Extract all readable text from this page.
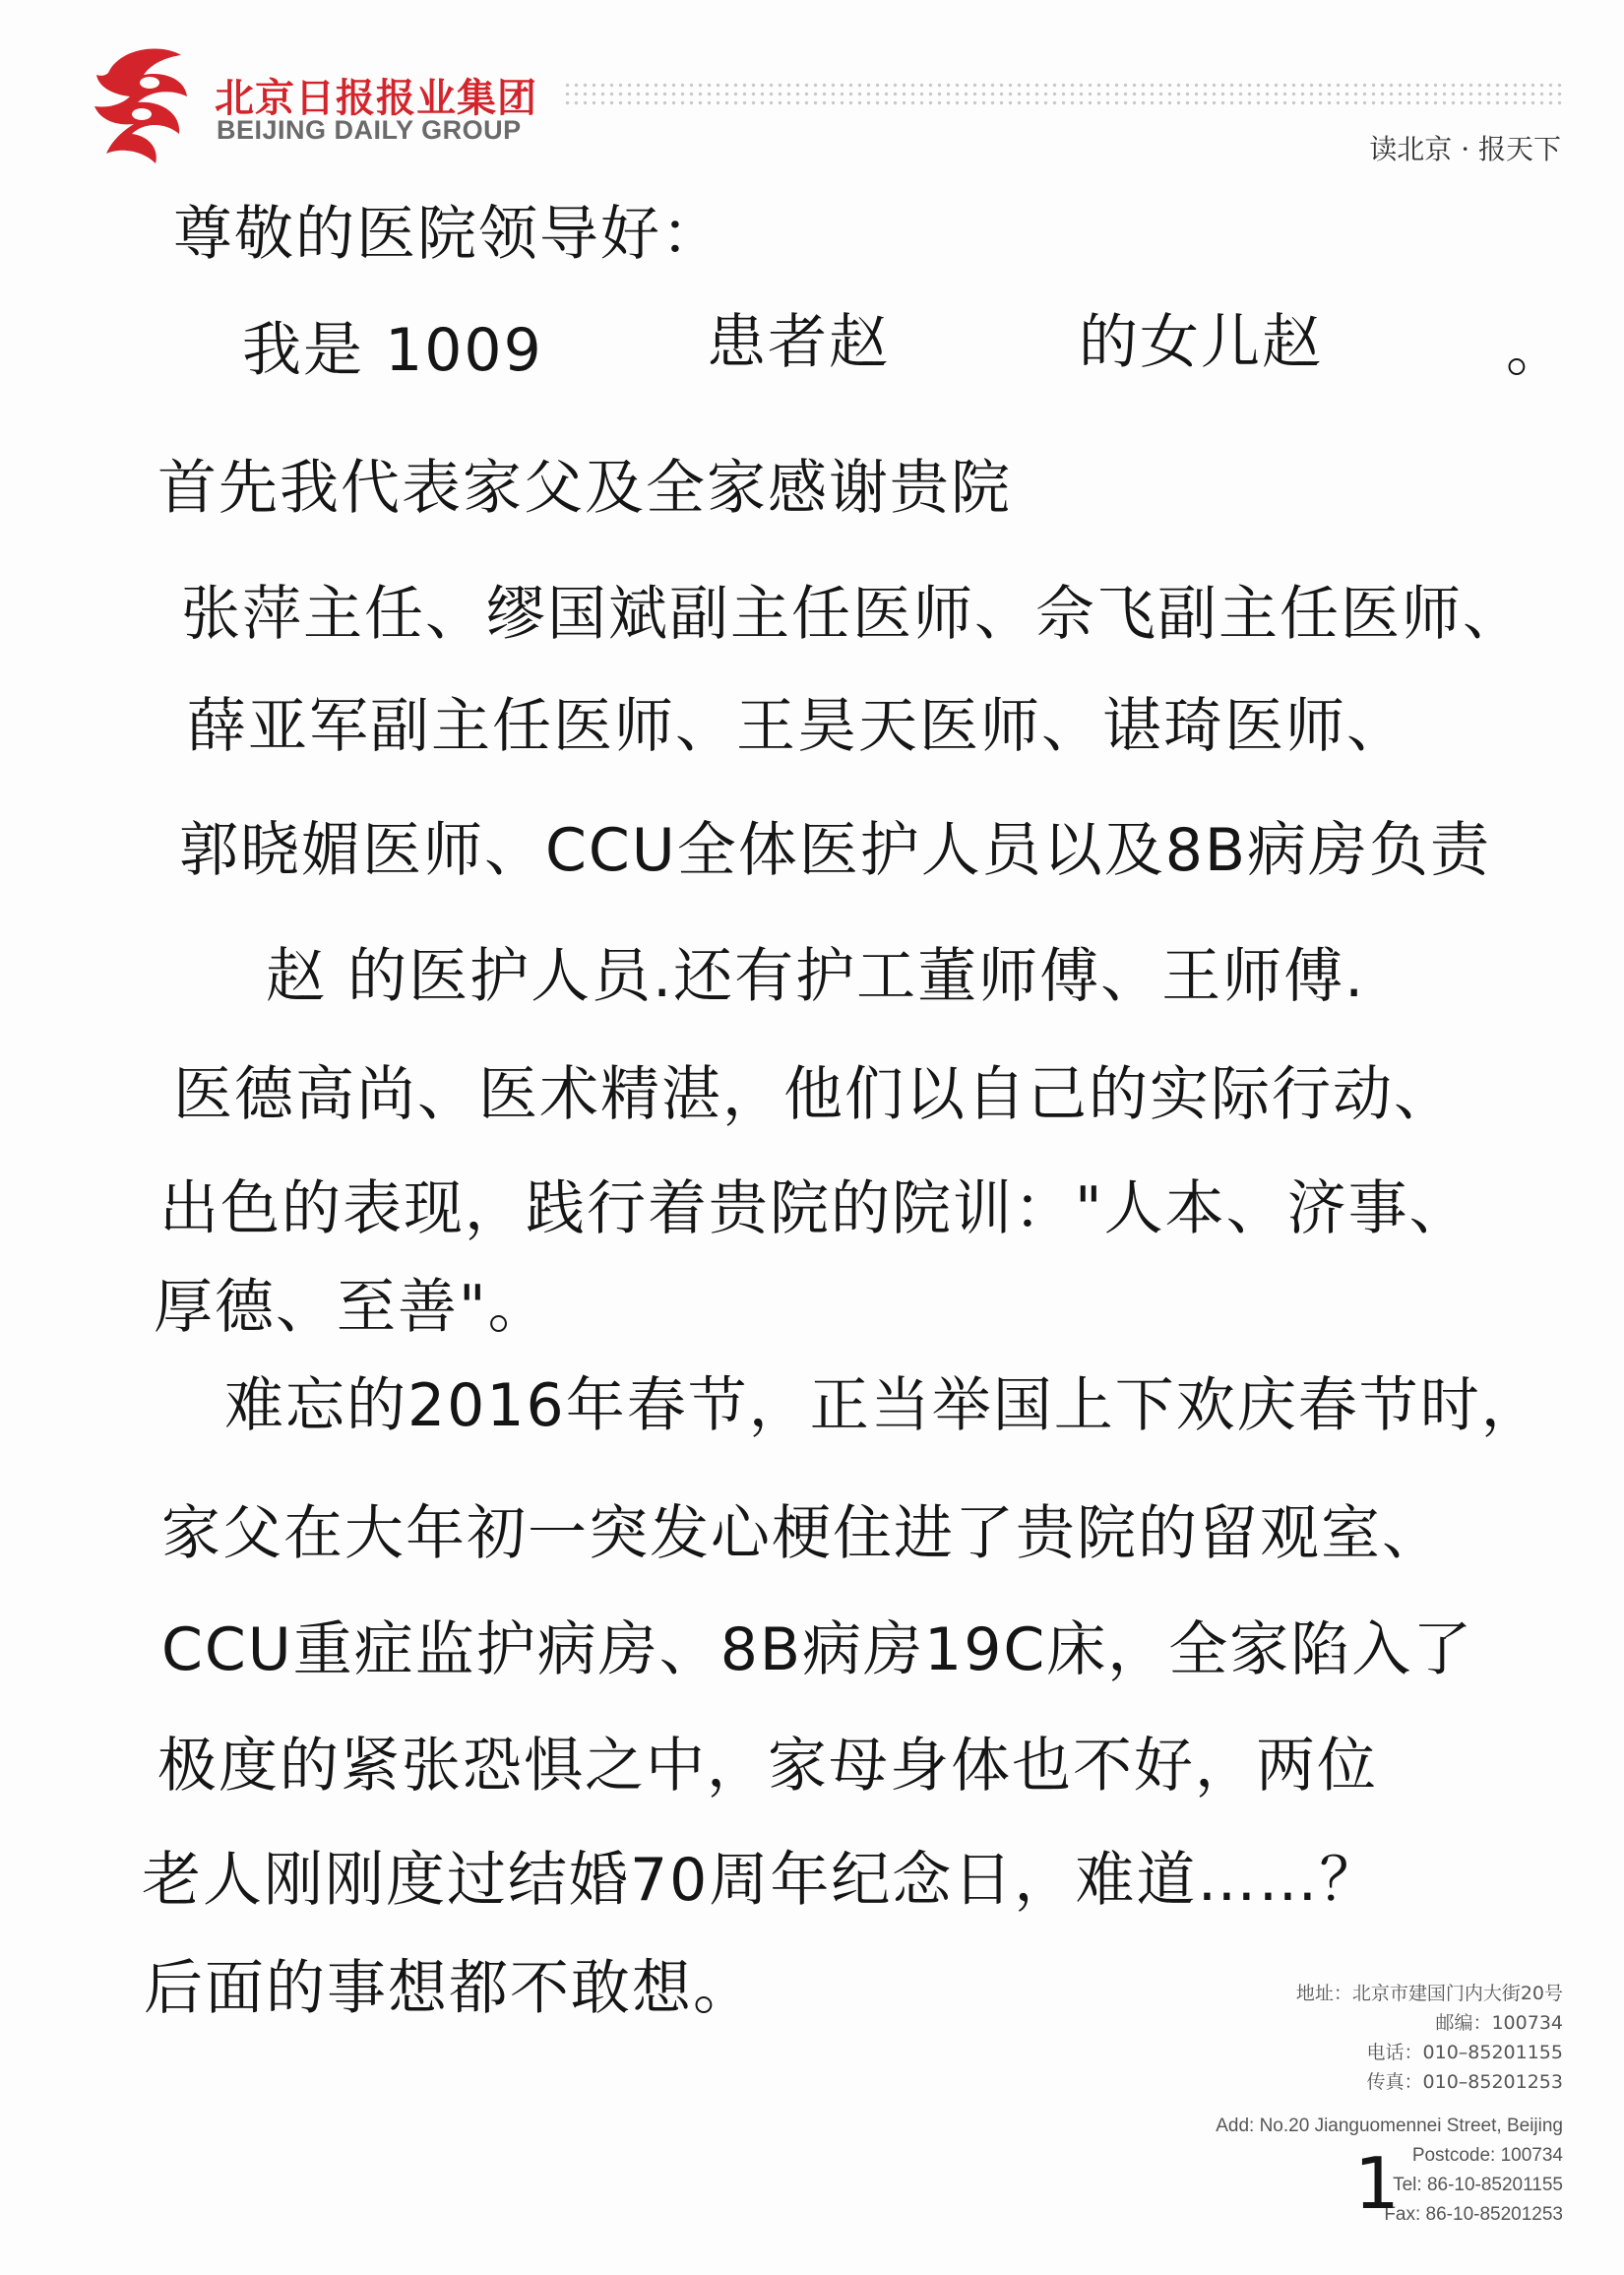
北京日报报业集团
BEIJING DAILY GROUP
读北京 · 报天下
尊敬的医院领导好：
我是 1009	患者赵	的女儿赵	。
首先我代表家父及全家感谢贵院
张萍主任、缪国斌副主任医师、佘飞副主任医师、
薛亚军副主任医师、王昊天医师、谌琦医师、
郭晓媚医师、CCU全体医护人员以及8B病房负责
赵 的医护人员.还有护工董师傅、王师傅.
医德高尚、医术精湛，他们以自己的实际行动、
出色的表现，践行着贵院的院训："人本、济事、
厚德、至善"。
难忘的2016年春节，正当举国上下欢庆春节时，
家父在大年初一突发心梗住进了贵院的留观室、
CCU重症监护病房、8B病房19C床，全家陷入了
极度的紧张恐惧之中，家母身体也不好，两位
老人刚刚度过结婚70周年纪念日，难道……？
后面的事想都不敢想。	地址：北京市建国门内大街20号
邮编：100734
电话：010–85201155
传真：010–85201253
Add: No.20 Jianguomennei Street, Beijing
Postcode: 100734
Tel: 86-10-85201155
Fax: 86-10-85201253
1
